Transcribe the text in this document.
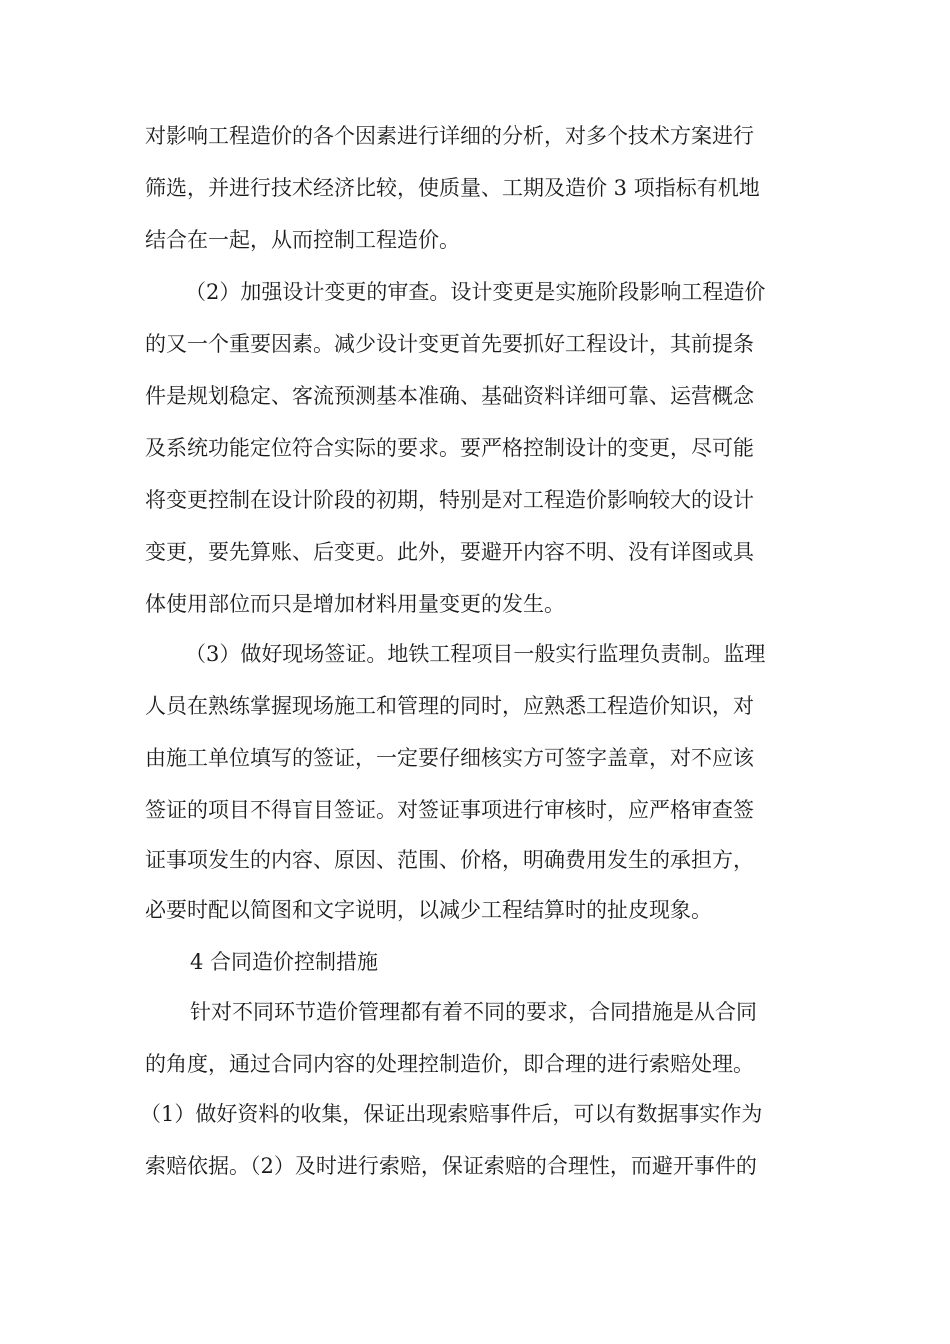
对影响工程造价的各个因素进行详细的分析，对多个技术方案进行
筛选，并进行技术经济比较，使质量、工期及造价 3 项指标有机地
结合在一起，从而控制工程造价。
（2）加强设计变更的审查。设计变更是实施阶段影响工程造价
的又一个重要因素。减少设计变更首先要抓好工程设计，其前提条
件是规划稳定、客流预测基本准确、基础资料详细可靠、运营概念
及系统功能定位符合实际的要求。要严格控制设计的变更，尽可能
将变更控制在设计阶段的初期，特别是对工程造价影响较大的设计
变更，要先算账、后变更。此外，要避开内容不明、没有详图或具
体使用部位而只是增加材料用量变更的发生。
（3）做好现场签证。地铁工程项目一般实行监理负责制。监理
人员在熟练掌握现场施工和管理的同时，应熟悉工程造价知识，对
由施工单位填写的签证，一定要仔细核实方可签字盖章，对不应该
签证的项目不得盲目签证。对签证事项进行审核时，应严格审查签
证事项发生的内容、原因、范围、价格，明确费用发生的承担方，
必要时配以简图和文字说明，以减少工程结算时的扯皮现象。
4 合同造价控制措施
针对不同环节造价管理都有着不同的要求，合同措施是从合同
的角度，通过合同内容的处理控制造价，即合理的进行索赔处理。
（1）做好资料的收集，保证出现索赔事件后，可以有数据事实作为
索赔依据。（2）及时进行索赔，保证索赔的合理性，而避开事件的
